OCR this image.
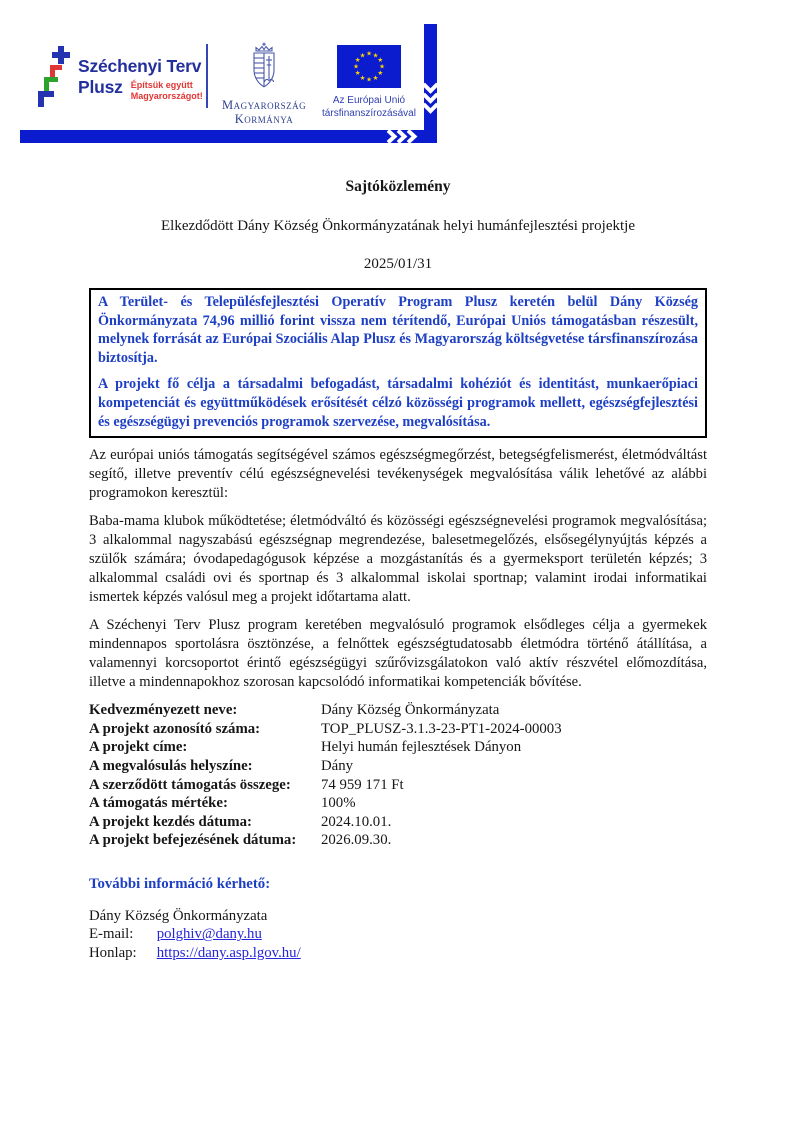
Széchenyi Terv
Plusz Építsük együtt
Magyarországot!
Magyarország
Kormánya
★ ★
★
★
★
★
★
★
★
★
★
★
Az Európai Unió
társfinanszírozásával
Sajtóközlemény
Elkezdődött Dány Község Önkormányzatának helyi humánfejlesztési projektje
2025/01/31

A Terület- és Településfejlesztési Operatív Program Plusz keretén belül Dány Község Önkormányzata 74,96 millió forint vissza nem térítendő, Európai Uniós támogatásban részesült, melynek forrását az Európai Szociális Alap Plusz és Magyarország költségvetése társfinanszírozása biztosítja.

A projekt fő célja a társadalmi befogadást, társadalmi kohéziót és identitást, munkaerőpiaci kompetenciát és együttműködések erősítését célzó közösségi programok mellett, egészségfejlesztési és egészségügyi prevenciós programok szervezése, megvalósítása.

Az európai uniós támogatás segítségével számos egészségmegőrzést, betegségfelismerést, életmódváltást segítő, illetve preventív célú egészségnevelési tevékenységek megvalósítása válik lehetővé az alábbi programokon keresztül:

Baba-mama klubok működtetése; életmódváltó és közösségi egészségnevelési programok megvalósítása; 3 alkalommal nagyszabású egészségnap megrendezése, balesetmegelőzés, elsősegélynyújtás képzés a szülők számára; óvodapedagógusok képzése a mozgástanítás és a gyermeksport területén képzés; 3 alkalommal családi ovi és sportnap és 3 alkalommal iskolai sportnap; valamint irodai informatikai ismertek képzés valósul meg a projekt időtartama alatt.

A Széchenyi Terv Plusz program keretében megvalósuló programok elsődleges célja a gyermekek mindennapos sportolásra ösztönzése, a felnőttek egészségtudatosabb életmódra történő átállítása, a valamennyi korcsoportot érintő egészségügyi szűrővizsgálatokon való aktív részvétel előmozdítása, illetve a mindennapokhoz szorosan kapcsolódó informatikai kompetenciák bővítése.

Kedvezményezett neve:	Dány Község Önkormányzata
A projekt azonosító száma:	TOP_PLUSZ-3.1.3-23-PT1-2024-00003
A projekt címe:	Helyi humán fejlesztések Dányon
A megvalósulás helyszíne:	Dány
A szerződött támogatás összege:	74 959 171 Ft
A támogatás mértéke:	100%
A projekt kezdés dátuma:	2024.10.01.
A projekt befejezésének dátuma:	2026.09.30.
További információ kérhető:
Dány Község Önkormányzata
E-mail: polghiv@dany.hu
Honlap: https://dany.asp.lgov.hu/
